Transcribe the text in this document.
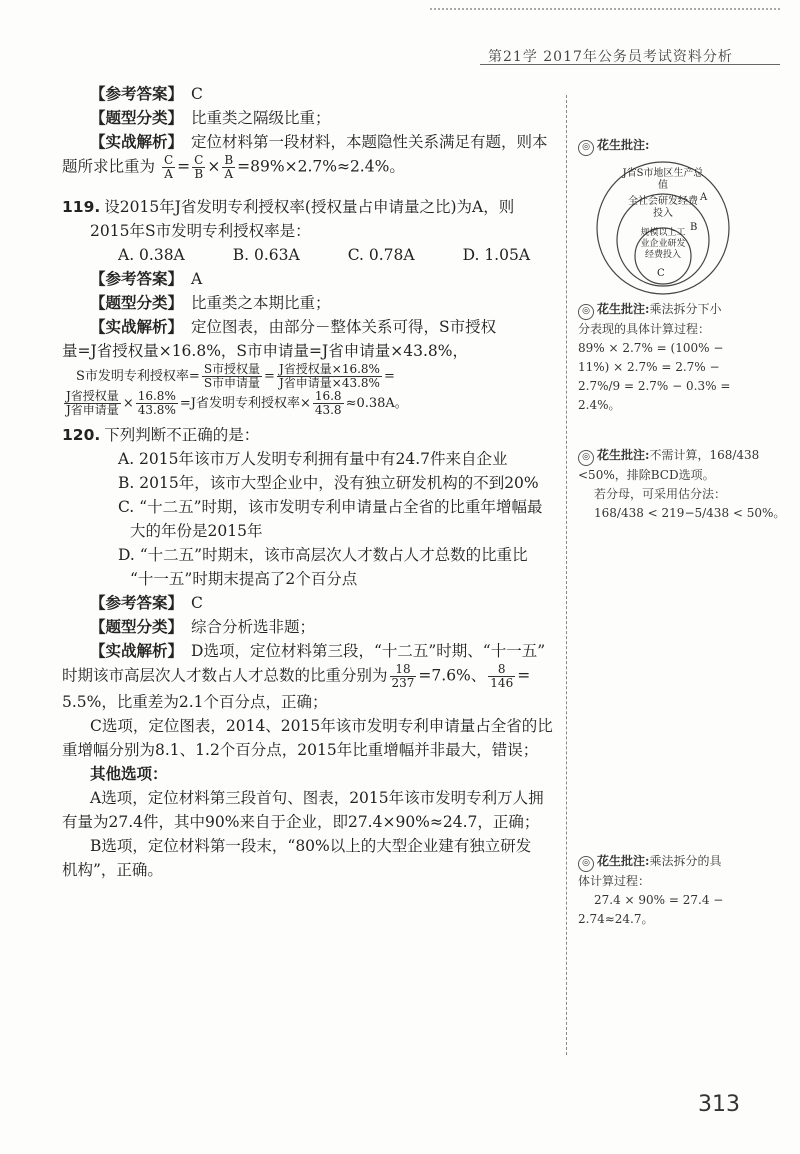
第21学 2017年公务员考试资料分析
【参考答案】 C
【题型分类】 比重类之隔级比重；
【实战解析】 定位材料第一段材料，本题隐性关系满足有题，则本
题所求比重为 $\frac{C}{A} = \frac{C}{B} \times \frac{B}{A} =89\%\times 2.7\%\approx 2.4\%$。
119. 设2015年J省发明专利授权率(授权量占申请量之比)为A，则
2015年S市发明专利授权率是：
A. 0.38A	B. 0.63A	C. 0.78A	D. 1.05A
【参考答案】 A
【题型分类】 比重类之本期比重；
【实战解析】 定位图表，由部分－整体关系可得，S市授权
量=J省授权量×16.8%，S市申请量=J省申请量×43.8%，
S市发明专利授权率= $\frac{\text{S市授权量}}{\text{S市申请量}} = \frac{\text{J省授权量×16.8\%}}{\text{J省申请量×43.8\%}}$ =
$\frac{\text{J省授权量}}{\text{J省申请量}} \times \frac{16.8\%}{43.8\%} =J$省发明专利授权率× $\frac{16.8}{43.8} \approx 0.38A$。
120. 下列判断不正确的是：
A. 2015年该市万人发明专利拥有量中有24.7件来自企业
B. 2015年，该市大型企业中，没有独立研发机构的不到20%
C. “十二五”时期，该市发明专利申请量占全省的比重年增幅最
大的年份是2015年
D. “十二五”时期末，该市高层次人才数占人才总数的比重比
“十一五”时期末提高了2个百分点
【参考答案】 C
【题型分类】 综合分析选非题；
【实战解析】 D选项，定位材料第三段，“十二五”时期、“十一五”
时期该市高层次人才数占人才总数的比重分别为 $\frac{18}{237} =7.6\%$、 $\frac{8}{146}$ =
5.5%，比重差为2.1个百分点，正确；
C选项，定位图表，2014、2015年该市发明专利申请量占全省的比
重增幅分别为8.1、1.2个百分点，2015年比重增幅并非最大，错误；
其他选项：
A选项，定位材料第三段首句、图表，2015年该市发明专利万人拥
有量为27.4件，其中90%来自于企业，即27.4×90%≈24.7，正确；
B选项，定位材料第一段末，“80%以上的大型企业建有独立研发
机构”，正确。
◎ 花生批注:
J省S市地区生产总值
全社会研发经费投入
规模以上工业企业研发经费投入
A
B
C
◎ 花生批注:乘法拆分下小
分表现的具体计算过程：
89% × 2.7% = (100% −
11%) × 2.7% = 2.7% −
2.7%/9 = 2.7% − 0.3% =
2.4%。
◎ 花生批注:不需计算，168/438
<50%，排除BCD选项。
若分母，可采用估分法：
168/438 < 219−5/438 < 50%。
◎ 花生批注:乘法拆分的具
体计算过程：
27.4 × 90% = 27.4 −
2.74≈24.7。
313
